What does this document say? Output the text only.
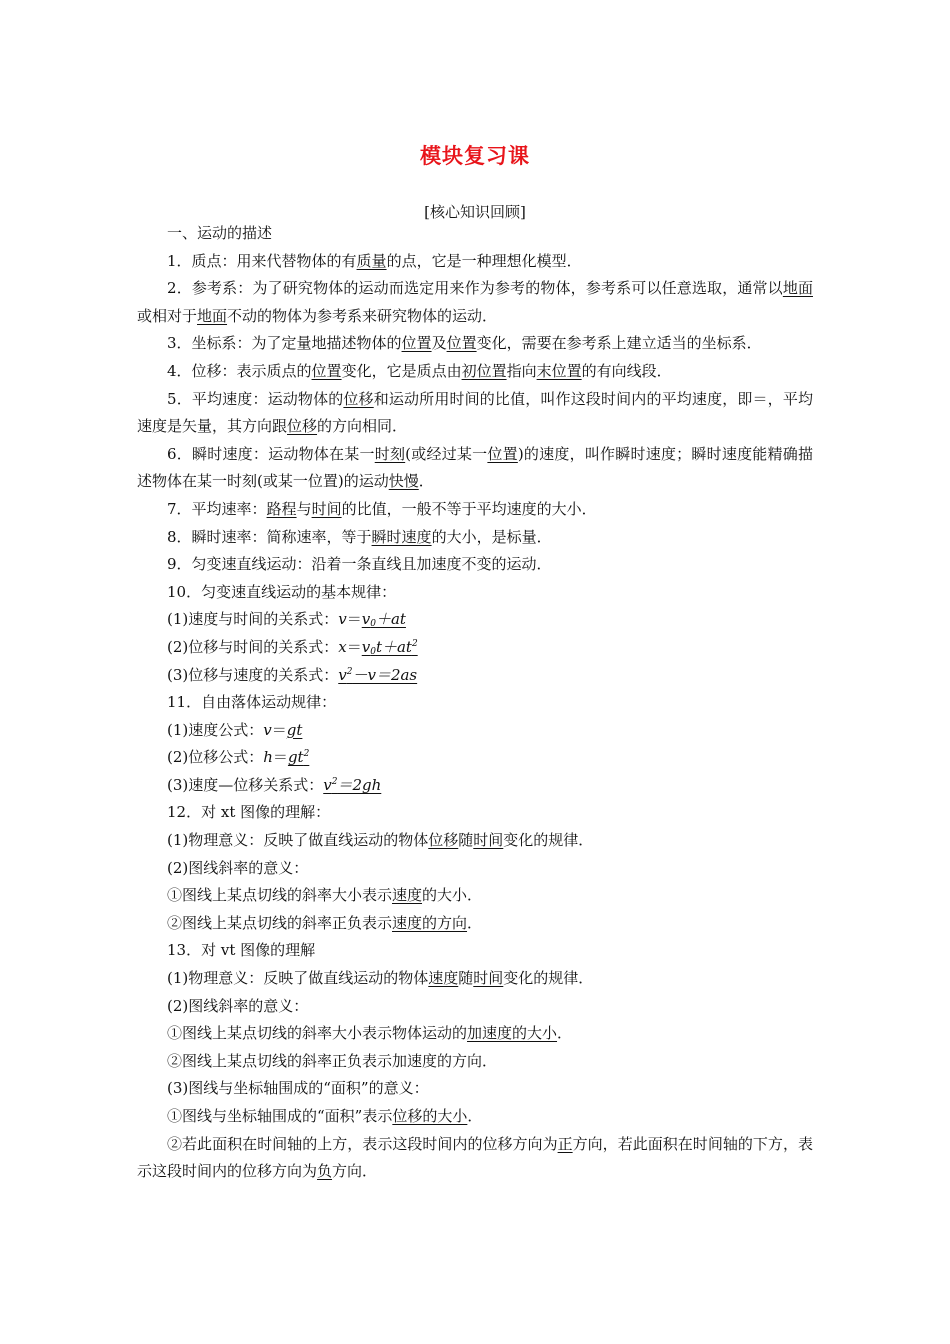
模块复习课
[核心知识回顾]

一、运动的描述

1．质点：用来代替物体的有质量的点，它是一种理想化模型．

2．参考系：为了研究物体的运动而选定用来作为参考的物体，参考系可以任意选取，通常以地面或相对于地面不动的物体为参考系来研究物体的运动．

3．坐标系：为了定量地描述物体的位置及位置变化，需要在参考系上建立适当的坐标系．

4．位移：表示质点的位置变化，它是质点由初位置指向末位置的有向线段．

5．平均速度：运动物体的位移和运动所用时间的比值，叫作这段时间内的平均速度，即＝，平均速度是矢量，其方向跟位移的方向相同．

6．瞬时速度：运动物体在某一时刻(或经过某一位置)的速度，叫作瞬时速度；瞬时速度能精确描述物体在某一时刻(或某一位置)的运动快慢．

7．平均速率：路程与时间的比值，一般不等于平均速度的大小．

8．瞬时速率：简称速率，等于瞬时速度的大小，是标量．

9．匀变速直线运动：沿着一条直线且加速度不变的运动．

10．匀变速直线运动的基本规律：

(1)速度与时间的关系式：$v=v_0+at$

(2)位移与时间的关系式：$x=v_0t+at^2$

(3)位移与速度的关系式：$v^2-v=2as$

11．自由落体运动规律：

(1)速度公式：v＝gt

(2)位移公式：$h=gt^2$

(3)速度—位移关系式：$v^2=2gh$

12．对 xt 图像的理解：

(1)物理意义：反映了做直线运动的物体位移随时间变化的规律．

(2)图线斜率的意义：

①图线上某点切线的斜率大小表示速度的大小．

②图线上某点切线的斜率正负表示速度的方向．

13．对 vt 图像的理解

(1)物理意义：反映了做直线运动的物体速度随时间变化的规律．

(2)图线斜率的意义：

①图线上某点切线的斜率大小表示物体运动的加速度的大小．

②图线上某点切线的斜率正负表示加速度的方向．

(3)图线与坐标轴围成的“面积”的意义：

①图线与坐标轴围成的“面积”表示位移的大小．

②若此面积在时间轴的上方，表示这段时间内的位移方向为正方向，若此面积在时间轴的下方，表示这段时间内的位移方向为负方向．
